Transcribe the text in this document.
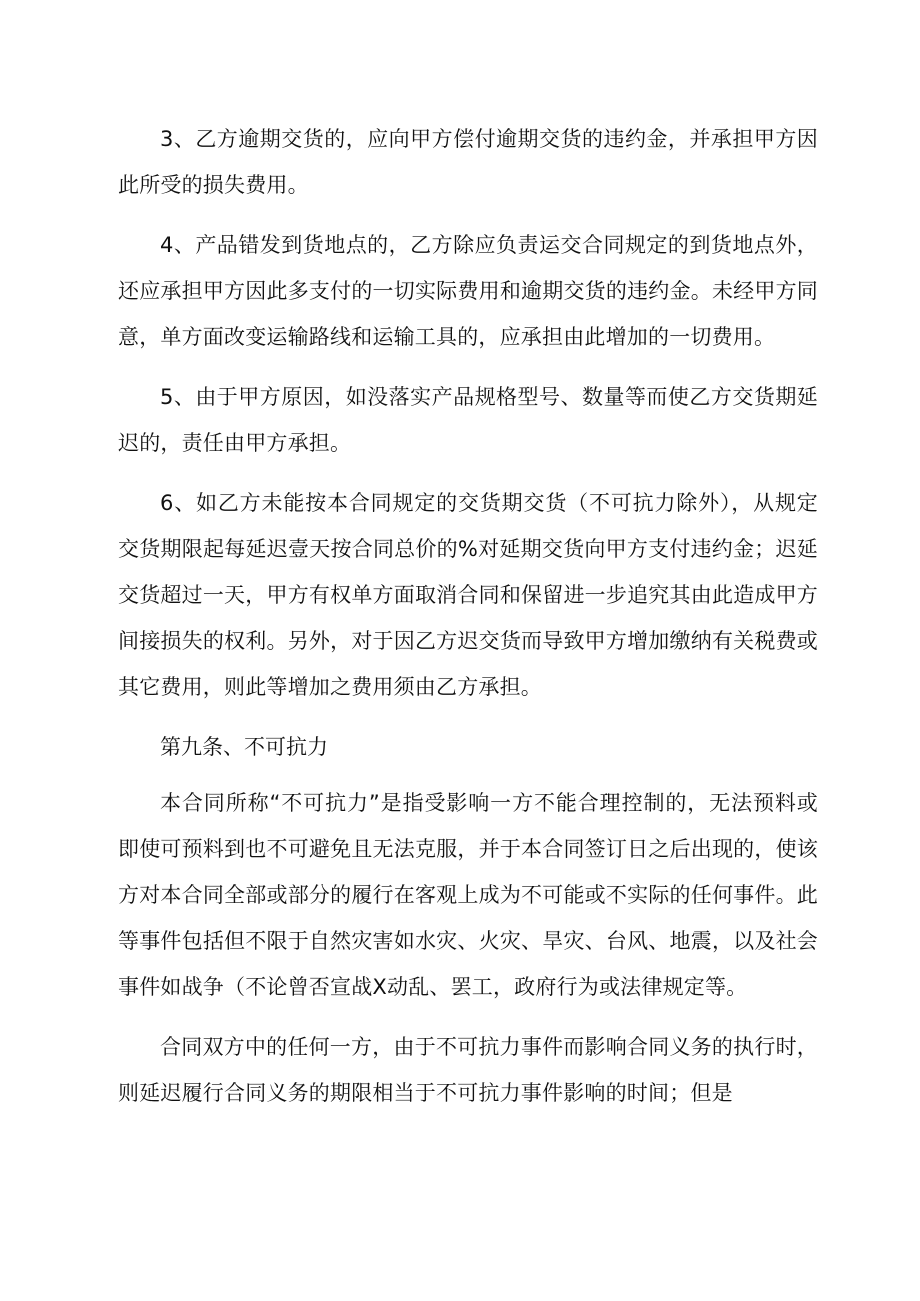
3、乙方逾期交货的，应向甲方偿付逾期交货的违约金，并承担甲方因此所受的损失费用。

4、产品错发到货地点的，乙方除应负责运交合同规定的到货地点外，还应承担甲方因此多支付的一切实际费用和逾期交货的违约金。未经甲方同意，单方面改变运输路线和运输工具的，应承担由此增加的一切费用。

5、由于甲方原因，如没落实产品规格型号、数量等而使乙方交货期延迟的，责任由甲方承担。

6、如乙方未能按本合同规定的交货期交货（不可抗力除外），从规定交货期限起每延迟壹天按合同总价的%对延期交货向甲方支付违约金；迟延交货超过一天，甲方有权单方面取消合同和保留进一步追究其由此造成甲方间接损失的权利。另外，对于因乙方迟交货而导致甲方增加缴纳有关税费或其它费用，则此等增加之费用须由乙方承担。

第九条、不可抗力

本合同所称“不可抗力”是指受影响一方不能合理控制的，无法预料或即使可预料到也不可避免且无法克服，并于本合同签订日之后出现的，使该方对本合同全部或部分的履行在客观上成为不可能或不实际的任何事件。此等事件包括但不限于自然灾害如水灾、火灾、旱灾、台风、地震，以及社会事件如战争（不论曾否宣战X动乱、罢工，政府行为或法律规定等。

合同双方中的任何一方，由于不可抗力事件而影响合同义务的执行时，则延迟履行合同义务的期限相当于不可抗力事件影响的时间；但是
